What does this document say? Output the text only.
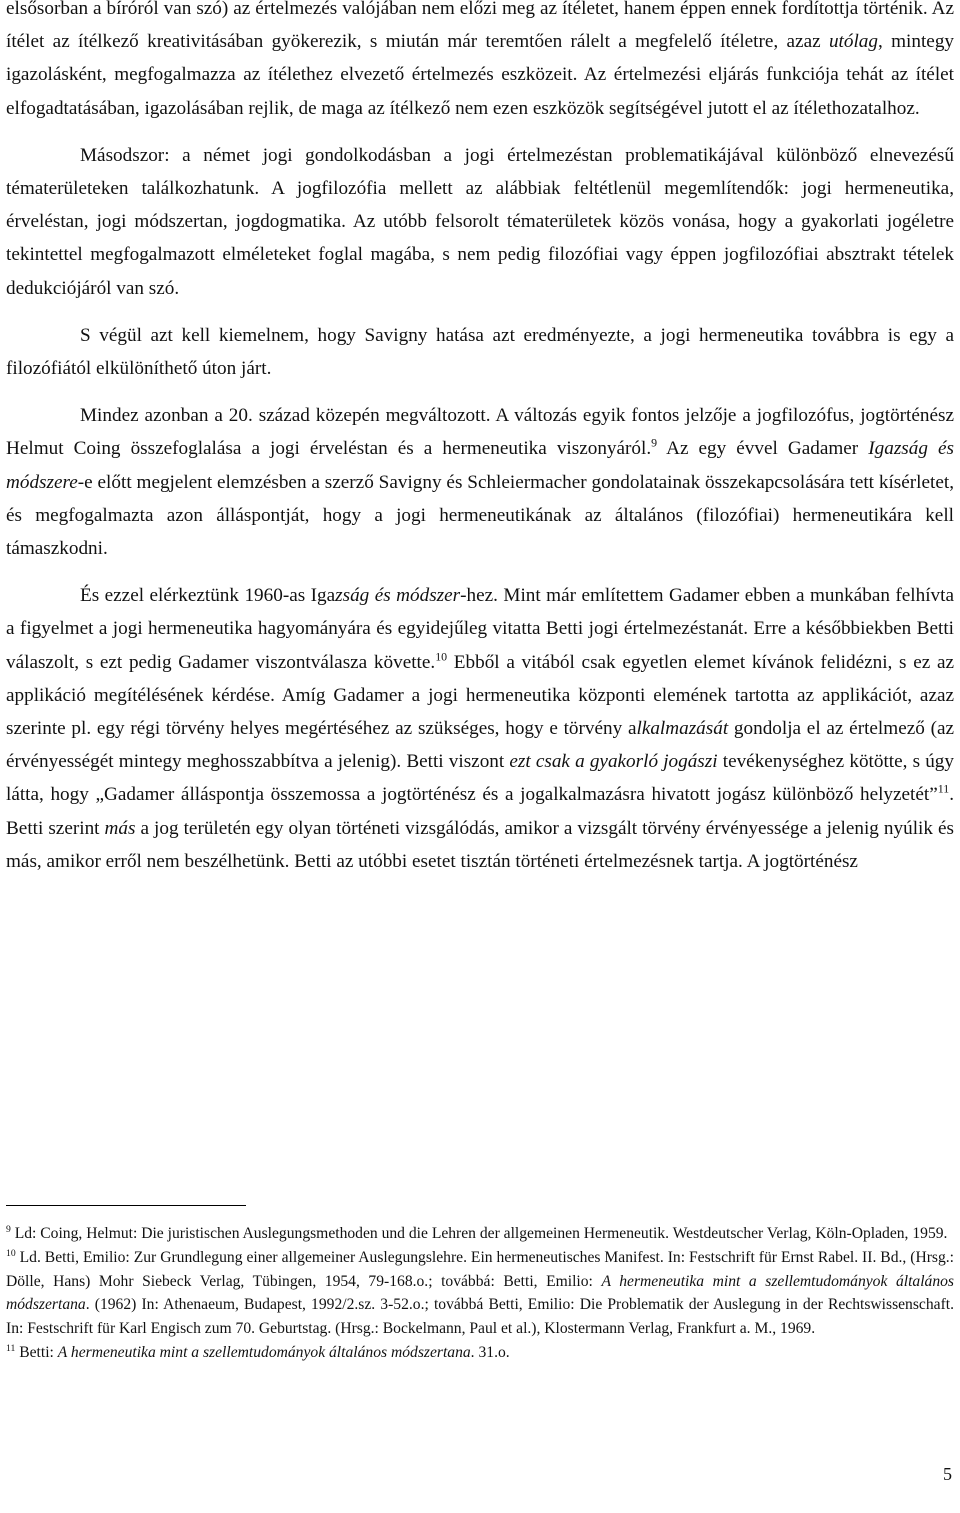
elsősorban a bíróról van szó) az értelmezés valójában nem előzi meg az ítéletet, hanem éppen ennek fordítottja történik. Az ítélet az ítélkező kreativitásában gyökerezik, s miután már teremtően rálelt a megfelelő ítéletre, azaz utólag, mintegy igazolásként, megfogalmazza az ítélethez elvezető értelmezés eszközeit. Az értelmezési eljárás funkciója tehát az ítélet elfogadtatásában, igazolásában rejlik, de maga az ítélkező nem ezen eszközök segítségével jutott el az ítélethozatalhoz.

Másodszor: a német jogi gondolkodásban a jogi értelmezéstan problematikájával különböző elnevezésű tématerületeken találkozhatunk. A jogfilozófia mellett az alábbiak feltétlenül megemlítendők: jogi hermeneutika, érveléstan, jogi módszertan, jogdogmatika. Az utóbb felsorolt tématerületek közös vonása, hogy a gyakorlati jogéletre tekintettel megfogalmazott elméleteket foglal magába, s nem pedig filozófiai vagy éppen jogfilozófiai absztrakt tételek dedukciójáról van szó.

S végül azt kell kiemelnem, hogy Savigny hatása azt eredményezte, a jogi hermeneutika továbbra is egy a filozófiától elkülöníthető úton járt.

Mindez azonban a 20. század közepén megváltozott. A változás egyik fontos jelzője a jogfilozófus, jogtörténész Helmut Coing összefoglalása a jogi érveléstan és a hermeneutika viszonyáról.$^9$ Az egy évvel Gadamer Igazság és módszere-e előtt megjelent elemzésben a szerző Savigny és Schleiermacher gondolatainak összekapcsolására tett kísérletet, és megfogalmazta azon álláspontját, hogy a jogi hermeneutikának az általános (filozófiai) hermeneutikára kell támaszkodni.

És ezzel elérkeztünk 1960-as Igazság és módszer-hez. Mint már említettem Gadamer ebben a munkában felhívta a figyelmet a jogi hermeneutika hagyományára és egyidejűleg vitatta Betti jogi értelmezéstanát. Erre a későbbiekben Betti válaszolt, s ezt pedig Gadamer viszontválasza követte.$^{10}$ Ebből a vitából csak egyetlen elemet kívánok felidézni, s ez az applikáció megítélésének kérdése. Amíg Gadamer a jogi hermeneutika központi elemének tartotta az applikációt, azaz szerinte pl. egy régi törvény helyes megértéséhez az szükséges, hogy e törvény alkalmazását gondolja el az értelmező (az érvényességét mintegy meghosszabbítva a jelenig). Betti viszont ezt csak a gyakorló jogászi tevékenységhez kötötte, s úgy látta, hogy „Gadamer álláspontja összemossa a jogtörténész és a jogalkalmazásra hivatott jogász különböző helyzetét”$^{11}$. Betti szerint más a jog területén egy olyan történeti vizsgálódás, amikor a vizsgált törvény érvényessége a jelenig nyúlik és más, amikor erről nem beszélhetünk. Betti az utóbbi esetet tisztán történeti értelmezésnek tartja. A jogtörténész

$^9$ Ld: Coing, Helmut: Die juristischen Auslegungsmethoden und die Lehren der allgemeinen Hermeneutik. Westdeutscher Verlag, Köln-Opladen, 1959.

$^{10}$ Ld. Betti, Emilio: Zur Grundlegung einer allgemeiner Auslegungslehre. Ein hermeneutisches Manifest. In: Festschrift für Ernst Rabel. II. Bd., (Hrsg.: Dölle, Hans) Mohr Siebeck Verlag, Tübingen, 1954, 79-168.o.; továbbá: Betti, Emilio: A hermeneutika mint a szellemtudományok általános módszertana. (1962) In: Athenaeum, Budapest, 1992/2.sz. 3-52.o.; továbbá Betti, Emilio: Die Problematik der Auslegung in der Rechtswissenschaft. In: Festschrift für Karl Engisch zum 70. Geburtstag. (Hrsg.: Bockelmann, Paul et al.), Klostermann Verlag, Frankfurt a. M., 1969.

$^{11}$ Betti: A hermeneutika mint a szellemtudományok általános módszertana. 31.o.

5
